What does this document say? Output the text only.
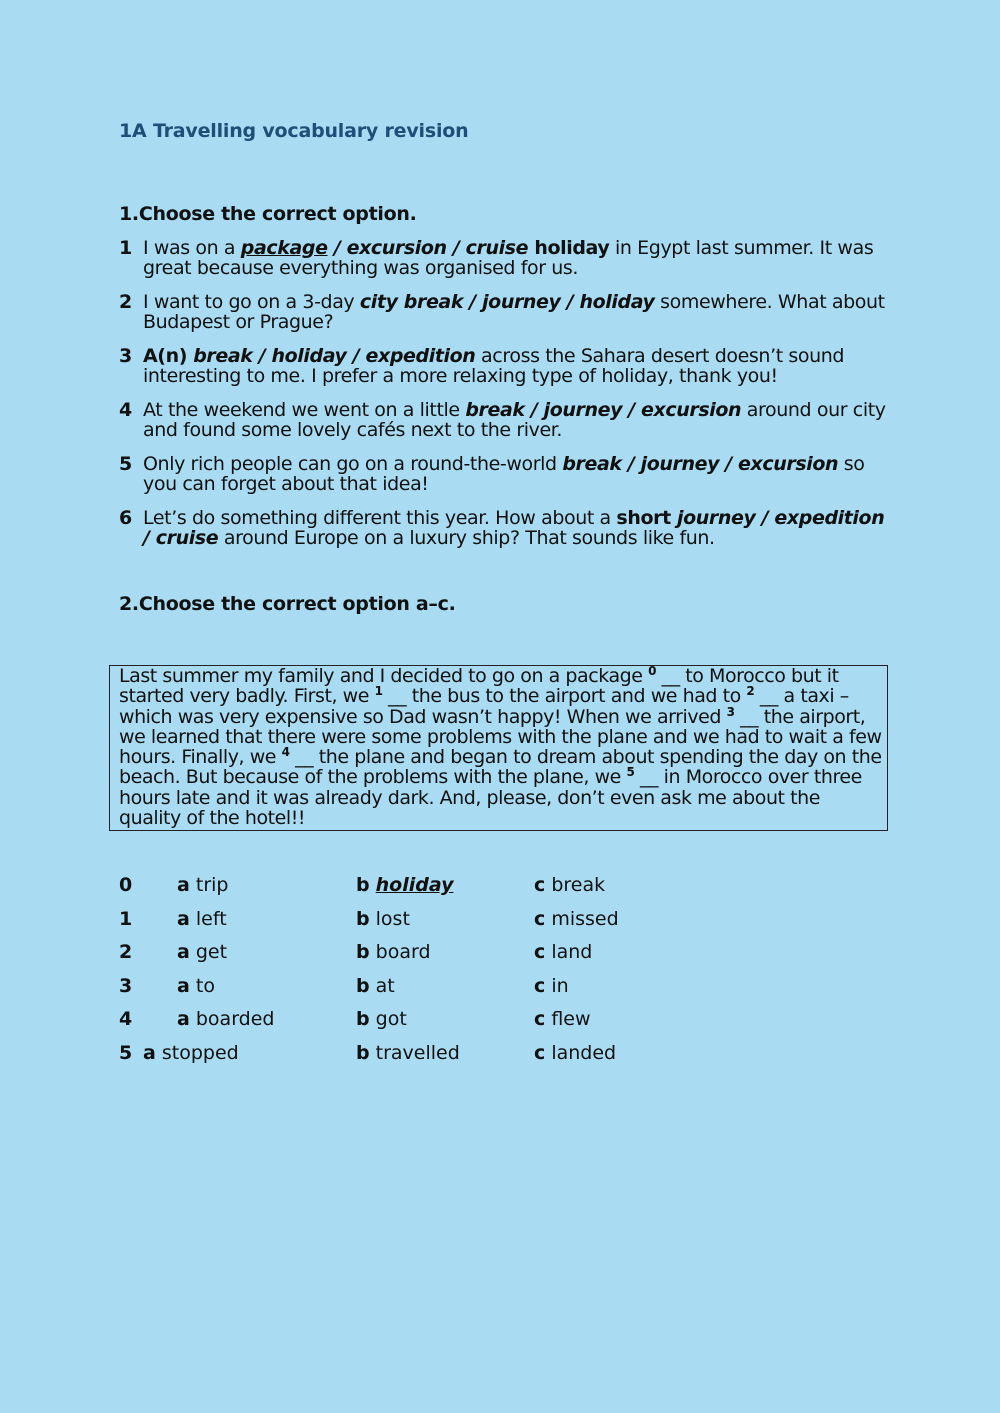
1A Travelling vocabulary revision
1.Choose the correct option.
1 I was on a package / excursion / cruise holiday in Egypt last summer. It was great because everything was organised for us.
2 I want to go on a 3-day city break / journey / holiday somewhere. What about Budapest or Prague?
3 A(n) break / holiday / expedition across the Sahara desert doesn’t sound interesting to me. I prefer a more relaxing type of holiday, thank you!
4 At the weekend we went on a little break / journey / excursion around our city and found some lovely cafés next to the river.
5 Only rich people can go on a round-the-world break / journey / excursion so you can forget about that idea!
6 Let’s do something different this year. How about a short journey / expedition / cruise around Europe on a luxury ship? That sounds like fun.
2.Choose the correct option a–c.
Last summer my family and I decided to go on a package $^0$ __ to Morocco but it started very badly. First, we $^1$ __ the bus to the airport and we had to $^2$ __ a taxi – which was very expensive so Dad wasn’t happy! When we arrived $^3$ __ the airport, we learned that there were some problems with the plane and we had to wait a few hours. Finally, we $^4$ __ the plane and began to dream about spending the day on the beach. But because of the problems with the plane, we $^5$ __ in Morocco over three hours late and it was already dark. And, please, don’t even ask me about the quality of the hotel!!
0 a trip	b holiday	c break
1 a left	b lost	c missed
2 a get	b board	c land
3 a to	b at	c in
4 a boarded	b got	c flew
5 a stopped	b travelled	c landed
